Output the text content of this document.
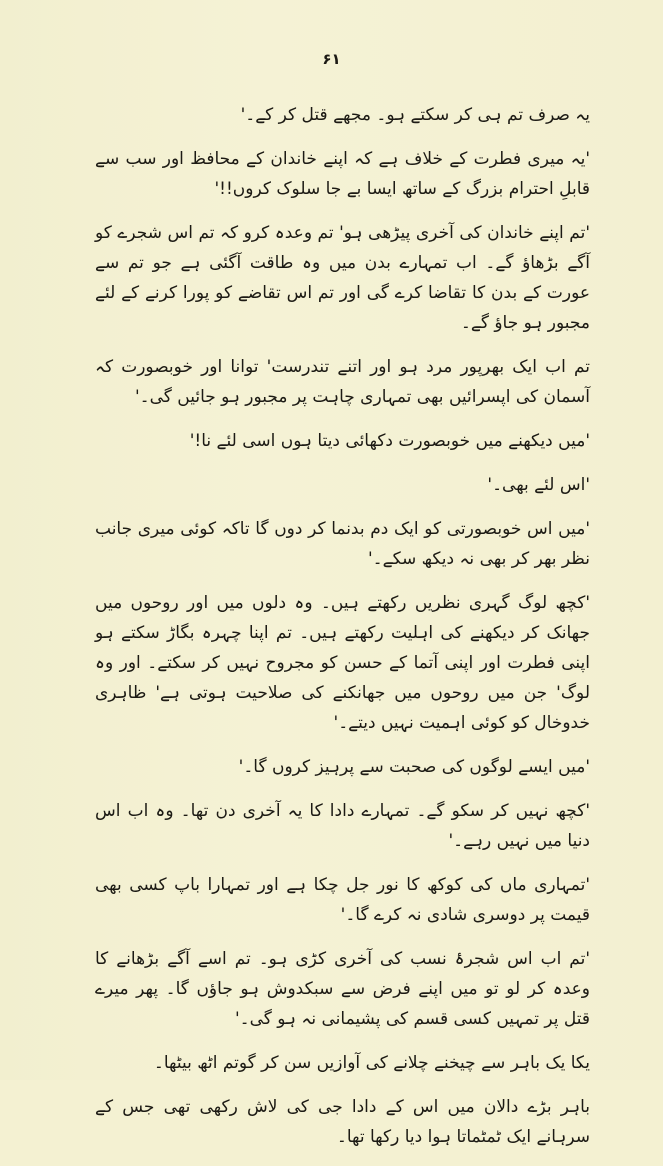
۶۱

یہ صرف تم ہی کر سکتے ہو۔ مجھے قتل کر کے۔'

'یہ میری فطرت کے خلاف ہے کہ اپنے خاندان کے محافظ اور سب سے قابلِ احترام بزرگ کے ساتھ ایسا بے جا سلوک کروں!!'

'تم اپنے خاندان کی آخری پیڑھی ہو' تم وعدہ کرو کہ تم اس شجرے کو آگے بڑھاؤ گے۔ اب تمہارے بدن میں وہ طاقت آگئی ہے جو تم سے عورت کے بدن کا تقاضا کرے گی اور تم اس تقاضے کو پورا کرنے کے لئے مجبور ہو جاؤ گے۔

تم اب ایک بھرپور مرد ہو اور اتنے تندرست' توانا اور خوبصورت کہ آسمان کی اپسرائیں بھی تمہاری چاہت پر مجبور ہو جائیں گی۔'

'میں دیکھنے میں خوبصورت دکھائی دیتا ہوں اسی لئے نا!'

'اس لئے بھی۔'

'میں اس خوبصورتی کو ایک دم بدنما کر دوں گا تاکہ کوئی میری جانب نظر بھر کر بھی نہ دیکھ سکے۔'

'کچھ لوگ گہری نظریں رکھتے ہیں۔ وہ دلوں میں اور روحوں میں جھانک کر دیکھنے کی اہلیت رکھتے ہیں۔ تم اپنا چہرہ بگاڑ سکتے ہو اپنی فطرت اور اپنی آتما کے حسن کو مجروح نہیں کر سکتے۔ اور وہ لوگ' جن میں روحوں میں جھانکنے کی صلاحیت ہوتی ہے' ظاہری خدوخال کو کوئی اہمیت نہیں دیتے۔'

'میں ایسے لوگوں کی صحبت سے پرہیز کروں گا۔'

'کچھ نہیں کر سکو گے۔ تمہارے دادا کا یہ آخری دن تھا۔ وہ اب اس دنیا میں نہیں رہے۔'

'تمہاری ماں کی کوکھ کا نور جل چکا ہے اور تمہارا باپ کسی بھی قیمت پر دوسری شادی نہ کرے گا۔'

'تم اب اس شجرۂ نسب کی آخری کڑی ہو۔ تم اسے آگے بڑھانے کا وعدہ کر لو تو میں اپنے فرض سے سبکدوش ہو جاؤں گا۔ پھر میرے قتل پر تمہیں کسی قسم کی پشیمانی نہ ہو گی۔'

یکا یک باہر سے چیخنے چلانے کی آوازیں سن کر گوتم اٹھ بیٹھا۔

باہر بڑے دالان میں اس کے دادا جی کی لاش رکھی تھی جس کے سرہانے ایک ٹمٹماتا ہوا دیا رکھا تھا۔
